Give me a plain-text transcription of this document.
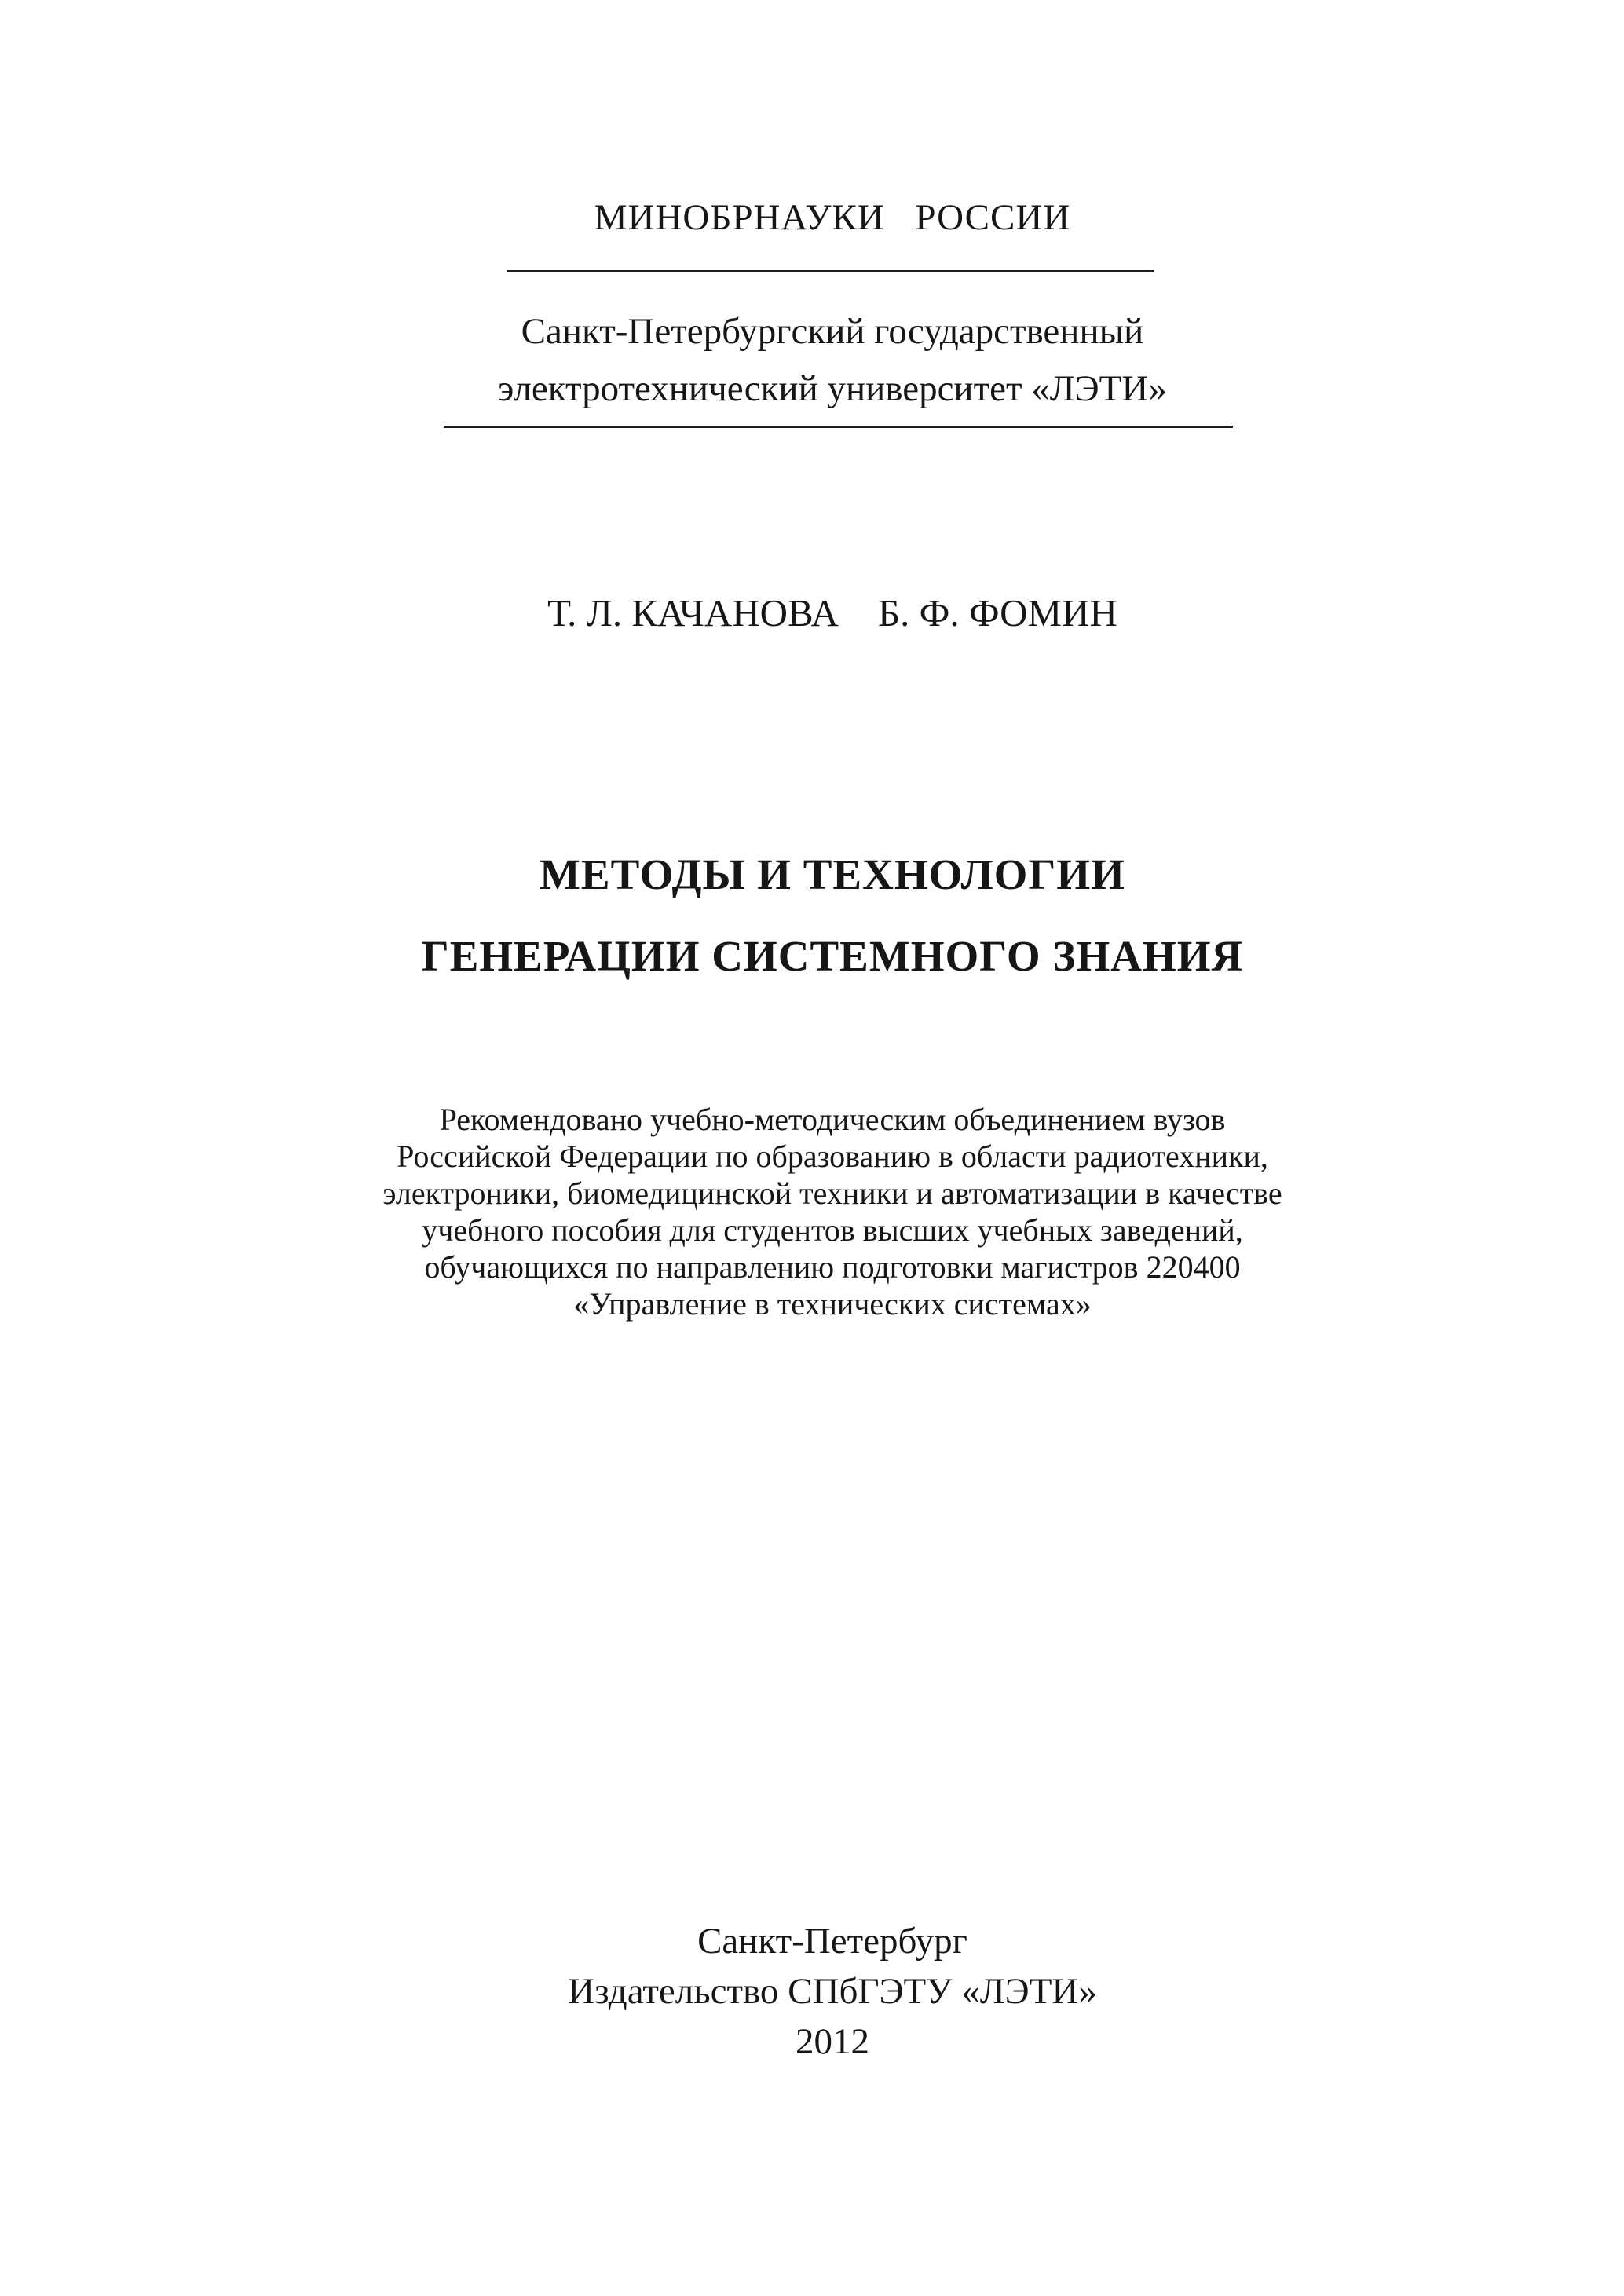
МИНОБРНАУКИ РОССИИ
Санкт-Петербургский государственный
электротехнический университет «ЛЭТИ»
Т. Л. КАЧАНОВА Б. Ф. ФОМИН
МЕТОДЫ И ТЕХНОЛОГИИ
ГЕНЕРАЦИИ СИСТЕМНОГО ЗНАНИЯ
Рекомендовано учебно-методическим объединением вузов
Российской Федерации по образованию в области радиотехники,
электроники, биомедицинской техники и автоматизации в качестве
учебного пособия для студентов высших учебных заведений,
обучающихся по направлению подготовки магистров 220400
«Управление в технических системах»
Санкт-Петербург
Издательство СПбГЭТУ «ЛЭТИ»
2012
